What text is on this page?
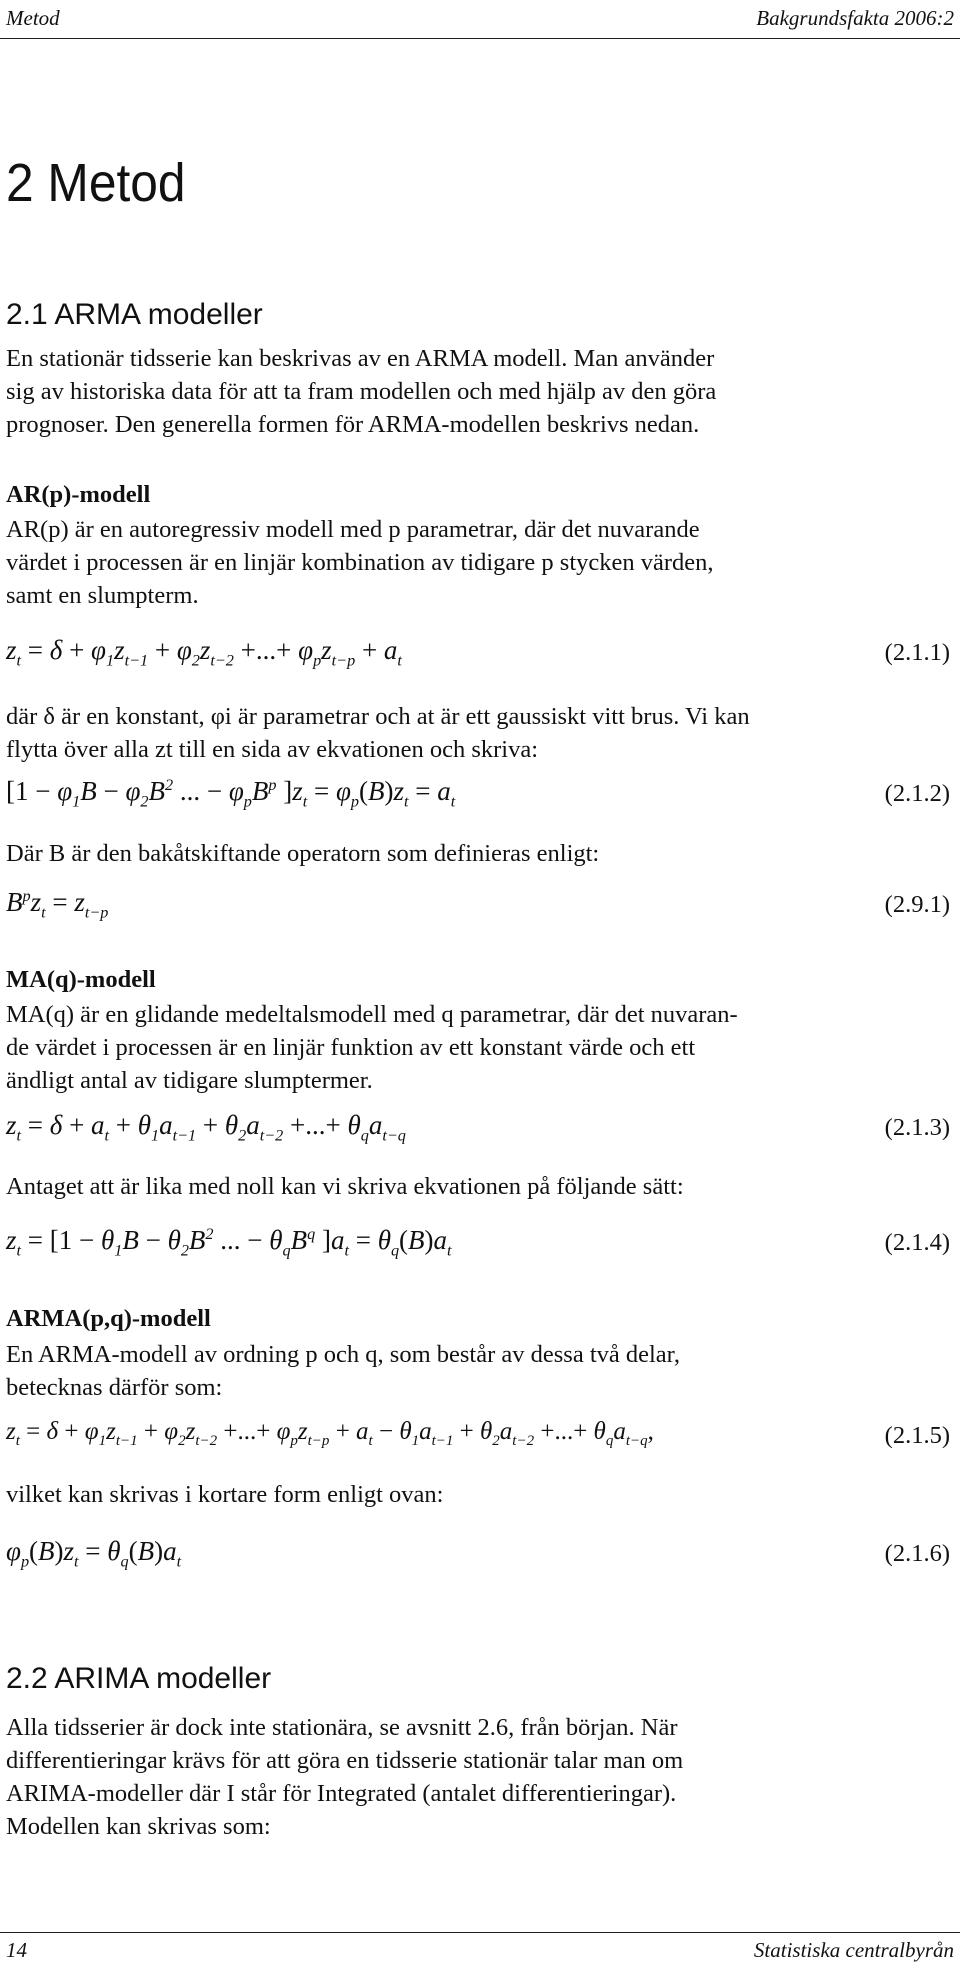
Metod	Bakgrundsfakta 2006:2
2 Metod
2.1 ARMA modeller
En stationär tidsserie kan beskrivas av en ARMA modell. Man använder
sig av historiska data för att ta fram modellen och med hjälp av den göra
prognoser. Den generella formen för ARMA-modellen beskrivs nedan.
AR(p)-modell
AR(p) är en autoregressiv modell med p parametrar, där det nuvarande
värdet i processen är en linjär kombination av tidigare p stycken värden,
samt en slumpterm.
$z_t = \delta + \varphi_1z_{t-1} + \varphi_2z_{t-2}$ +...+ $\varphi_pz_{t-p} + a_t$	(2.1.1)
där δ är en konstant, φi är parametrar och at är ett gaussiskt vitt brus. Vi kan
flytta över alla zt till en sida av ekvationen och skriva:
[$1 - \varphi_1B - \varphi_2B^2$ ... − $\varphi_pB^p$ ]$z_t = \varphi_p(B)z_t = a_t$	(2.1.2)
Där B är den bakåtskiftande operatorn som definieras enligt:
$B^pz_t = z_{t-p}$	(2.9.1)
MA(q)-modell
MA(q) är en glidande medeltalsmodell med q parametrar, där det nuvaran-
de värdet i processen är en linjär funktion av ett konstant värde och ett
ändligt antal av tidigare slumptermer.
$z_t = \delta + a_t + \theta_1a_{t-1} + \theta_2a_{t-2}$ +...+ $\theta_qa_{t-q}$	(2.1.3)
Antaget att är lika med noll kan vi skriva ekvationen på följande sätt:
$z_t = [1 - \theta_1B - \theta_2B^2$ ... − $\theta_qB^q$ ]$a_t = \theta_q(B)a_t$	(2.1.4)
ARMA(p,q)-modell
En ARMA-modell av ordning p och q, som består av dessa två delar,
betecknas därför som:
$z_t = \delta + \varphi_1z_{t-1} + \varphi_2z_{t-2}$ +...+ $\varphi_pz_{t-p} + a_t - \theta_1a_{t-1} + \theta_2a_{t-2}$ +...+ $\theta_qa_{t-q}$,	(2.1.5)
vilket kan skrivas i kortare form enligt ovan:
$\varphi_p(B)z_t = \theta_q(B)a_t$	(2.1.6)
2.2 ARIMA modeller
Alla tidsserier är dock inte stationära, se avsnitt 2.6, från början. När
differentieringar krävs för att göra en tidsserie stationär talar man om
ARIMA-modeller där I står för Integrated (antalet differentieringar).
Modellen kan skrivas som:
14	Statistiska centralbyrån
